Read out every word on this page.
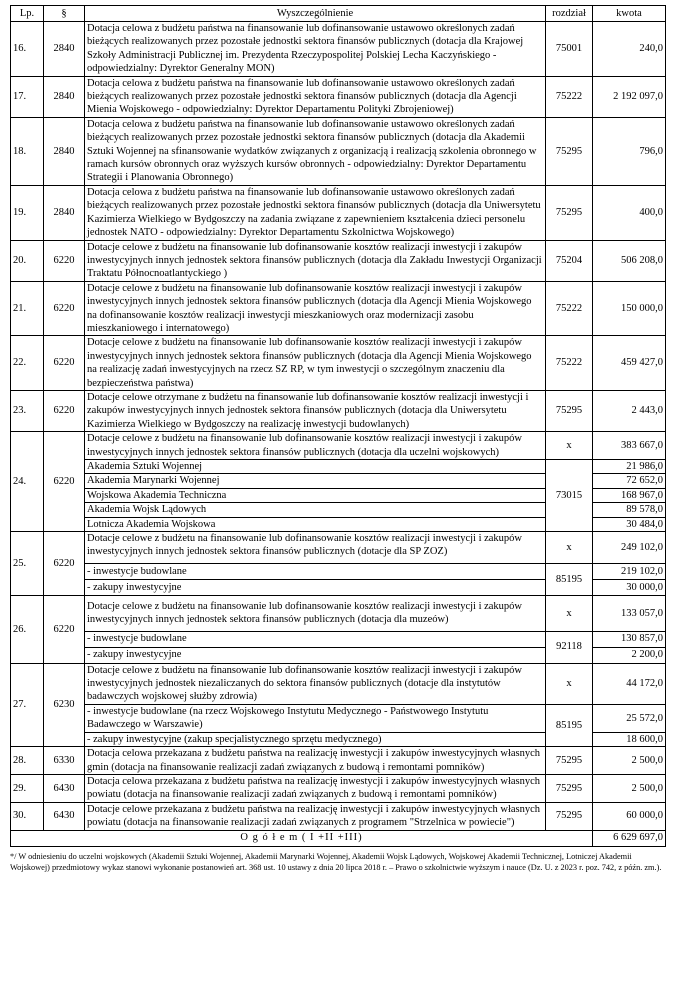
Lp.	§	Wyszczególnienie	rozdział	kwota
16.	2840	Dotacja celowa z budżetu państwa na finansowanie lub dofinansowanie ustawowo określonych zadań bieżących realizowanych przez pozostałe jednostki sektora finansów publicznych (dotacja dla Krajowej Szkoły Administracji Publicznej im. Prezydenta Rzeczypospolitej Polskiej Lecha Kaczyńskiego - odpowiedzialny: Dyrektor Generalny MON)	75001	240,0
17.	2840	Dotacja celowa z budżetu państwa na finansowanie lub dofinansowanie ustawowo określonych zadań bieżących realizowanych przez pozostałe jednostki sektora finansów publicznych (dotacja dla Agencji Mienia Wojskowego - odpowiedzialny: Dyrektor Departamentu Polityki Zbrojeniowej)	75222	2 192 097,0
18.	2840	Dotacja celowa z budżetu państwa na finansowanie lub dofinansowanie ustawowo określonych zadań bieżących realizowanych przez pozostałe jednostki sektora finansów publicznych (dotacja dla Akademii Sztuki Wojennej na sfinansowanie wydatków związanych z organizacją i realizacją szkolenia obronnego w ramach kursów obronnych oraz wyższych kursów obronnych - odpowiedzialny: Dyrektor Departamentu Strategii i Planowania Obronnego)	75295	796,0
19.	2840	Dotacja celowa z budżetu państwa na finansowanie lub dofinansowanie ustawowo określonych zadań bieżących realizowanych przez pozostałe jednostki sektora finansów publicznych (dotacja dla Uniwersytetu Kazimierza Wielkiego w Bydgoszczy na zadania związane z zapewnieniem kształcenia dzieci personelu jednostek NATO - odpowiedzialny: Dyrektor Departamentu Szkolnictwa Wojskowego)	75295	400,0
20.	6220	Dotacje celowe z budżetu na finansowanie lub dofinansowanie kosztów realizacji inwestycji i zakupów inwestycyjnych innych jednostek sektora finansów publicznych (dotacja dla Zakładu Inwestycji Organizacji Traktatu Północnoatlantyckiego )	75204	506 208,0
21.	6220	Dotacje celowe z budżetu na finansowanie lub dofinansowanie kosztów realizacji inwestycji i zakupów inwestycyjnych innych jednostek sektora finansów publicznych (dotacja dla Agencji Mienia Wojskowego na dofinansowanie kosztów realizacji inwestycji mieszkaniowych oraz modernizacji zasobu mieszkaniowego i internatowego)	75222	150 000,0
22.	6220	Dotacje celowe z budżetu na finansowanie lub dofinansowanie kosztów realizacji inwestycji i zakupów inwestycyjnych innych jednostek sektora finansów publicznych (dotacja dla Agencji Mienia Wojskowego na realizację zadań inwestycyjnych na rzecz SZ RP, w tym inwestycji o szczególnym znaczeniu dla bezpieczeństwa państwa)	75222	459 427,0
23.	6220	Dotacje celowe otrzymane z budżetu na finansowanie lub dofinansowanie kosztów realizacji inwestycji i zakupów inwestycyjnych innych jednostek sektora finansów publicznych (dotacja dla Uniwersytetu Kazimierza Wielkiego w Bydgoszczy na realizację inwestycji budowlanych)	75295	2 443,0
24.	6220	Dotacje celowe z budżetu na finansowanie lub dofinansowanie kosztów realizacji inwestycji i zakupów inwestycyjnych innych jednostek sektora finansów publicznych (dotacja dla uczelni wojskowych)	x	383 667,0
		Akademia Sztuki Wojennej	73015	21 986,0
		Akademia Marynarki Wojennej		72 652,0
		Wojskowa Akademia Techniczna		168 967,0
		Akademia Wojsk Lądowych		89 578,0
		Lotnicza Akademia Wojskowa		30 484,0
25.	6220	Dotacje celowe z budżetu na finansowanie lub dofinansowanie kosztów realizacji inwestycji i zakupów inwestycyjnych innych jednostek sektora finansów publicznych (dotacje dla SP ZOZ)	x	249 102,0
		- inwestycje budowlane	85195	219 102,0
		- zakupy inwestycyjne		30 000,0
26.	6220	Dotacje celowe z budżetu na finansowanie lub dofinansowanie kosztów realizacji inwestycji i zakupów inwestycyjnych innych jednostek sektora finansów publicznych (dotacja dla muzeów)	x	133 057,0
		- inwestycje budowlane	92118	130 857,0
		- zakupy inwestycyjne		2 200,0
27.	6230	Dotacje celowe z budżetu na finansowanie lub dofinansowanie kosztów realizacji inwestycji i zakupów inwestycyjnych jednostek niezaliczanych do sektora finansów publicznych (dotacje dla instytutów badawczych wojskowej służby zdrowia)	x	44 172,0
		- inwestycje budowlane (na rzecz Wojskowego Instytutu Medycznego - Państwowego Instytutu Badawczego w Warszawie)	85195	25 572,0
		- zakupy inwestycyjne (zakup specjalistycznego sprzętu medycznego)		18 600,0
28.	6330	Dotacja celowa przekazana z budżetu państwa na realizację inwestycji i zakupów inwestycyjnych własnych gmin (dotacja na finansowanie realizacji zadań związanych z budową i remontami pomników)	75295	2 500,0
29.	6430	Dotacja celowa przekazana z budżetu państwa na realizację inwestycji i zakupów inwestycyjnych własnych powiatu (dotacja na finansowanie realizacji zadań związanych z budową i remontami pomników)	75295	2 500,0
30.	6430	Dotacje celowe przekazana z budżetu państwa na realizację inwestycji i zakupów inwestycyjnych własnych powiatu (dotacja na finansowanie realizacji zadań związanych z programem "Strzelnica w powiecie")	75295	60 000,0
O g ó ł e m ( I +II +III)				6 629 697,0
*/ W odniesieniu do uczelni wojskowych (Akademii Sztuki Wojennej, Akademii Marynarki Wojennej, Akademii Wojsk Lądowych, Wojskowej Akademii Technicznej, Lotniczej Akademii Wojskowej) przedmiotowy wykaz stanowi wykonanie postanowień art. 368 ust. 10 ustawy z dnia 20 lipca 2018 r. – Prawo o szkolnictwie wyższym i nauce (Dz. U. z 2023 r. poz. 742, z późn. zm.).
